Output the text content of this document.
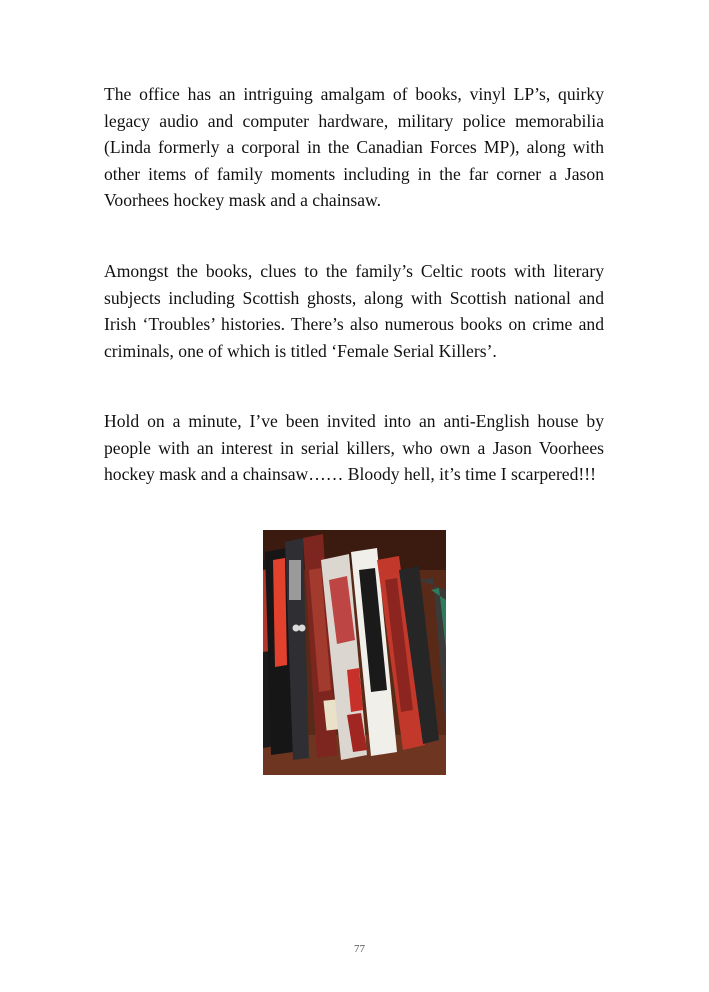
The office has an intriguing amalgam of books, vinyl LP’s, quirky legacy audio and computer hardware, military police memorabilia (Linda formerly a corporal in the Canadian Forces MP), along with other items of family moments including in the far corner a Jason Voorhees hockey mask and a chainsaw.

Amongst the books, clues to the family’s Celtic roots with literary subjects including Scottish ghosts, along with Scottish national and Irish ‘Troubles’ histories. There’s also numerous books on crime and criminals, one of which is titled ‘Female Serial Killers’.

Hold on a minute, I’ve been invited into an anti-English house by people with an interest in serial killers, who own a Jason Voorhees hockey mask and a chainsaw…… Bloody hell, it’s time I scarpered!!!

77
